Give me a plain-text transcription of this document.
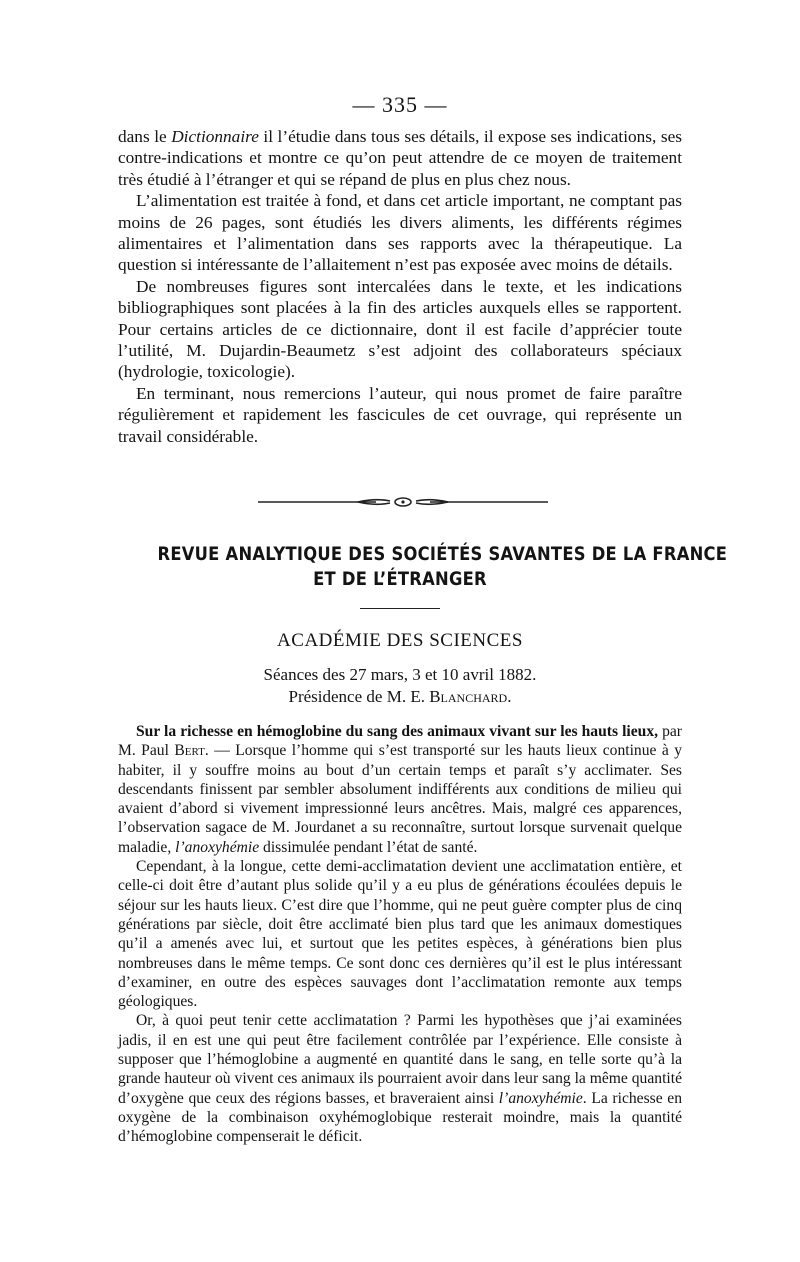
— 335 —

dans le Dictionnaire il l’étudie dans tous ses détails, il expose ses indications, ses contre-indications et montre ce qu’on peut attendre de ce moyen de traitement très étudié à l’étranger et qui se répand de plus en plus chez nous.

L’alimentation est traitée à fond, et dans cet article important, ne comptant pas moins de 26 pages, sont étudiés les divers aliments, les différents régimes alimentaires et l’alimentation dans ses rapports avec la thérapeutique. La question si intéressante de l’allaitement n’est pas exposée avec moins de détails.

De nombreuses figures sont intercalées dans le texte, et les indications bibliographiques sont placées à la fin des articles auxquels elles se rapportent. Pour certains articles de ce dictionnaire, dont il est facile d’apprécier toute l’utilité, M. Dujardin-Beaumetz s’est adjoint des collaborateurs spéciaux (hydrologie, toxicologie).

En terminant, nous remercions l’auteur, qui nous promet de faire paraître régulièrement et rapidement les fascicules de cet ouvrage, qui représente un travail considérable.

REVUE ANALYTIQUE DES SOCIÉTÉS SAVANTES DE LA FRANCE
ET DE L’ÉTRANGER
ACADÉMIE DES SCIENCES
Séances des 27 mars, 3 et 10 avril 1882.
Présidence de M. E. Blanchard.

Sur la richesse en hémoglobine du sang des animaux vivant sur les hauts lieux, par M. Paul Bert. — Lorsque l’homme qui s’est transporté sur les hauts lieux continue à y habiter, il y souffre moins au bout d’un certain temps et paraît s’y acclimater. Ses descendants finissent par sembler absolument indifférents aux conditions de milieu qui avaient d’abord si vivement impressionné leurs ancêtres. Mais, malgré ces apparences, l’observation sagace de M. Jourdanet a su reconnaître, surtout lorsque survenait quelque maladie, l’anoxyhémie dissimulée pendant l’état de santé.

Cependant, à la longue, cette demi-acclimatation devient une acclimatation entière, et celle-ci doit être d’autant plus solide qu’il y a eu plus de générations écoulées depuis le séjour sur les hauts lieux. C’est dire que l’homme, qui ne peut guère compter plus de cinq générations par siècle, doit être acclimaté bien plus tard que les animaux domestiques qu’il a amenés avec lui, et surtout que les petites espèces, à générations bien plus nombreuses dans le même temps. Ce sont donc ces dernières qu’il est le plus intéressant d’examiner, en outre des espèces sauvages dont l’acclimatation remonte aux temps géologiques.

Or, à quoi peut tenir cette acclimatation ? Parmi les hypothèses que j’ai examinées jadis, il en est une qui peut être facilement contrôlée par l’expérience. Elle consiste à supposer que l’hémoglobine a augmenté en quantité dans le sang, en telle sorte qu’à la grande hauteur où vivent ces animaux ils pourraient avoir dans leur sang la même quantité d’oxygène que ceux des régions basses, et braveraient ainsi l’anoxyhémie. La richesse en oxygène de la combinaison oxyhémoglobique resterait moindre, mais la quantité d’hémoglobine compenserait le déficit.
